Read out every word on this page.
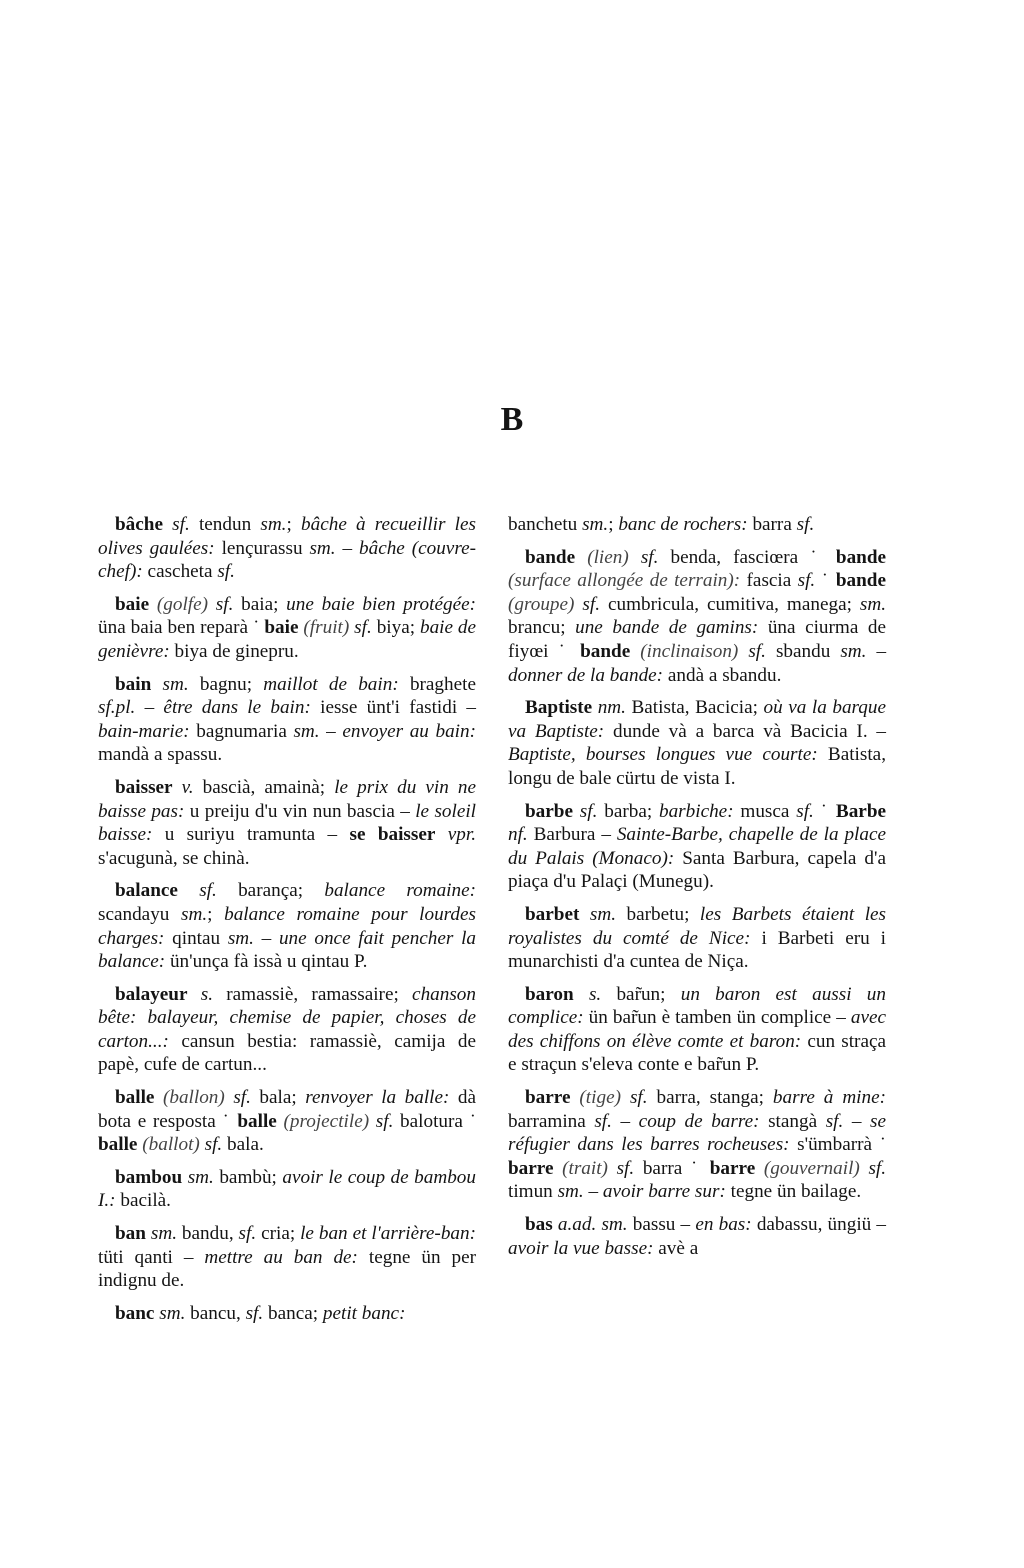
B

bâche sf. tendun sm.; bâche à recueillir les olives gaulées: lençurassu sm. – bâche (couvre-chef): cascheta sf.

baie (golfe) sf. baia; une baie bien protégée: üna baia ben reparà ˙ baie (fruit) sf. biya; baie de genièvre: biya de ginepru.

bain sm. bagnu; maillot de bain: braghete sf.pl. – être dans le bain: iesse ünt'i fastidi – bain-marie: bagnumaria sm. – envoyer au bain: mandà a spassu.

baisser v. bascià, amainà; le prix du vin ne baisse pas: u preiju d'u vin nun bascia – le soleil baisse: u suriyu tramunta – se baisser vpr. s'acugunà, se chinà.

balance sf. barança; balance romaine: scandayu sm.; balance romaine pour lourdes charges: qintau sm. – une once fait pencher la balance: ün'unça fà issà u qintau P.

balayeur s. ramassiè, ramassaire; chanson bête: balayeur, chemise de papier, choses de carton...: cansun bestia: ramassiè, camija de papè, cufe de cartun...

balle (ballon) sf. bala; renvoyer la balle: dà bota e resposta ˙ balle (projectile) sf. balotura ˙ balle (ballot) sf. bala.

bambou sm. bambù; avoir le coup de bambou I.: bacilà.

ban sm. bandu, sf. cria; le ban et l'arrière-ban: tüti qanti – mettre au ban de: tegne ün per indignu de.

banc sm. bancu, sf. banca; petit banc:

banchetu sm.; banc de rochers: barra sf.

bande (lien) sf. benda, fasciœra ˙ bande (surface allongée de terrain): fascia sf. ˙ bande (groupe) sf. cumbricula, cumitiva, manega; sm. brancu; une bande de gamins: üna ciurma de fiyœi ˙ bande (inclinaison) sf. sbandu sm. – donner de la bande: andà a sbandu.

Baptiste nm. Batista, Bacicia; où va la barque va Baptiste: dunde và a barca và Bacicia I. – Baptiste, bourses longues vue courte: Batista, longu de bale cürtu de vista I.

barbe sf. barba; barbiche: musca sf. ˙ Barbe nf. Barbura – Sainte-Barbe, chapelle de la place du Palais (Monaco): Santa Barbura, capela d'a piaça d'u Palaçi (Munegu).

barbet sm. barbetu; les Barbets étaient les royalistes du comté de Nice: i Barbeti eru i munarchisti d'a cuntea de Niça.

baron s. bar̃un; un baron est aussi un complice: ün bar̃un è tamben ün complice – avec des chiffons on élève comte et baron: cun straça e straçun s'eleva conte e bar̃un P.

barre (tige) sf. barra, stanga; barre à mine: barramina sf. – coup de barre: stangà sf. – se réfugier dans les barres rocheuses: s'ümbarrà ˙ barre (trait) sf. barra ˙ barre (gouvernail) sf. timun sm. – avoir barre sur: tegne ün bailage.

bas a.ad. sm. bassu – en bas: dabassu, üngiü – avoir la vue basse: avè a
